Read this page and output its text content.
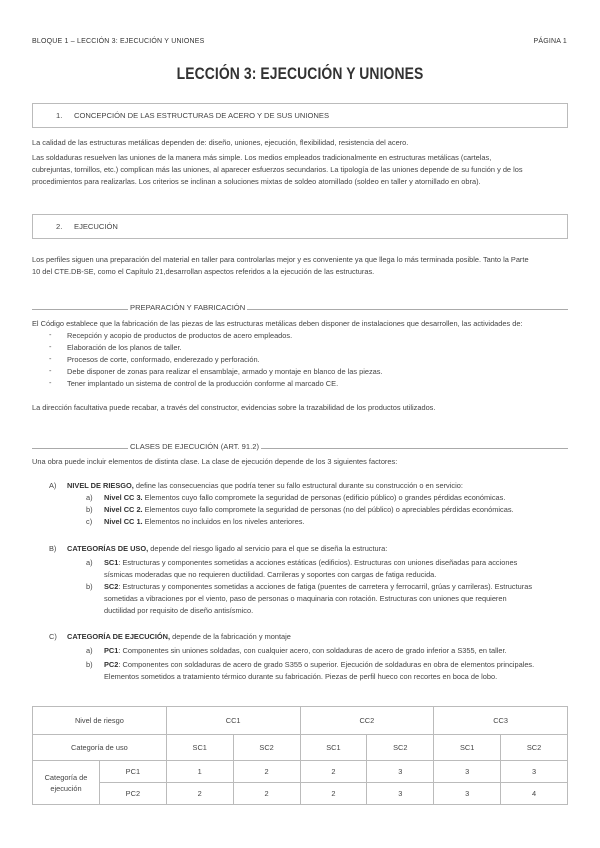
BLOQUE 1 – LECCIÓN 3: EJECUCIÓN Y UNIONES	PÁGINA 1
LECCIÓN 3: EJECUCIÓN Y UNIONES
1. CONCEPCIÓN DE LAS ESTRUCTURAS DE ACERO Y DE SUS UNIONES
La calidad de las estructuras metálicas dependen de: diseño, uniones, ejecución, flexibilidad, resistencia del acero.
Las soldaduras resuelven las uniones de la manera más simple. Los medios empleados tradicionalmente en estructuras metálicas (cartelas,
cubrejuntas, tornillos, etc.) complican más las uniones, al aparecer esfuerzos secundarios. La tipología de las uniones depende de su función y de los
procedimientos para realizarlas. Los criterios se inclinan a soluciones mixtas de soldeo atornillado (soldeo en taller y atornillado en obra).
2. EJECUCIÓN
Los perfiles siguen una preparación del material en taller para controlarlas mejor y es conveniente ya que llega lo más terminada posible. Tanto la Parte
10 del CTE.DB-SE, como el Capítulo 21,desarrollan aspectos referidos a la ejecución de las estructuras.
PREPARACIÓN Y FABRICACIÓN
El Código establece que la fabricación de las piezas de las estructuras metálicas deben disponer de instalaciones que desarrollen, las actividades de:
- Recepción y acopio de productos de productos de acero empleados.
- Elaboración de los planos de taller.
- Procesos de corte, conformado, enderezado y perforación.
- Debe disponer de zonas para realizar el ensamblaje, armado y montaje en blanco de las piezas.
- Tener implantado un sistema de control de la producción conforme al marcado CE.
La dirección facultativa puede recabar, a través del constructor, evidencias sobre la trazabilidad de los productos utilizados.
CLASES DE EJECUCIÓN (ART. 91.2)
Una obra puede incluir elementos de distinta clase. La clase de ejecución depende de los 3 siguientes factores:
A) NIVEL DE RIESGO, define las consecuencias que podría tener su fallo estructural durante su construcción o en servicio:
a) Nivel CC 3. Elementos cuyo fallo compromete la seguridad de personas (edificio público) o grandes pérdidas económicas.
b) Nivel CC 2. Elementos cuyo fallo compromete la seguridad de personas (no del público) o apreciables pérdidas económicas.
c) Nivel CC 1. Elementos no incluidos en los niveles anteriores.
B) CATEGORÍAS DE USO, depende del riesgo ligado al servicio para el que se diseña la estructura:
a) SC1: Estructuras y componentes sometidas a acciones estáticas (edificios). Estructuras con uniones diseñadas para acciones
sísmicas moderadas que no requieren ductilidad. Carrileras y soportes con cargas de fatiga reducida.
b) SC2: Estructuras y componentes sometidas a acciones de fatiga (puentes de carretera y ferrocarril, grúas y carrileras). Estructuras
sometidas a vibraciones por el viento, paso de personas o maquinaria con rotación. Estructuras con uniones que requieren
ductilidad por requisito de diseño antisísmico.
C) CATEGORÍA DE EJECUCIÓN, depende de la fabricación y montaje
a) PC1: Componentes sin uniones soldadas, con cualquier acero, con soldaduras de acero de grado inferior a S355, en taller.
b) PC2: Componentes con soldaduras de acero de grado S355 o superior. Ejecución de soldaduras en obra de elementos principales.
Elementos sometidos a tratamiento térmico durante su fabricación. Piezas de perfil hueco con recortes en boca de lobo.
Nivel de riesgo		CC1		CC2		CC3	
Categoría de uso		SC1	SC2	SC1	SC2	SC1	SC2
Categoría de ejecución	PC1	1	2	2	3	3	3
	PC2	2	2	2	3	3	4
